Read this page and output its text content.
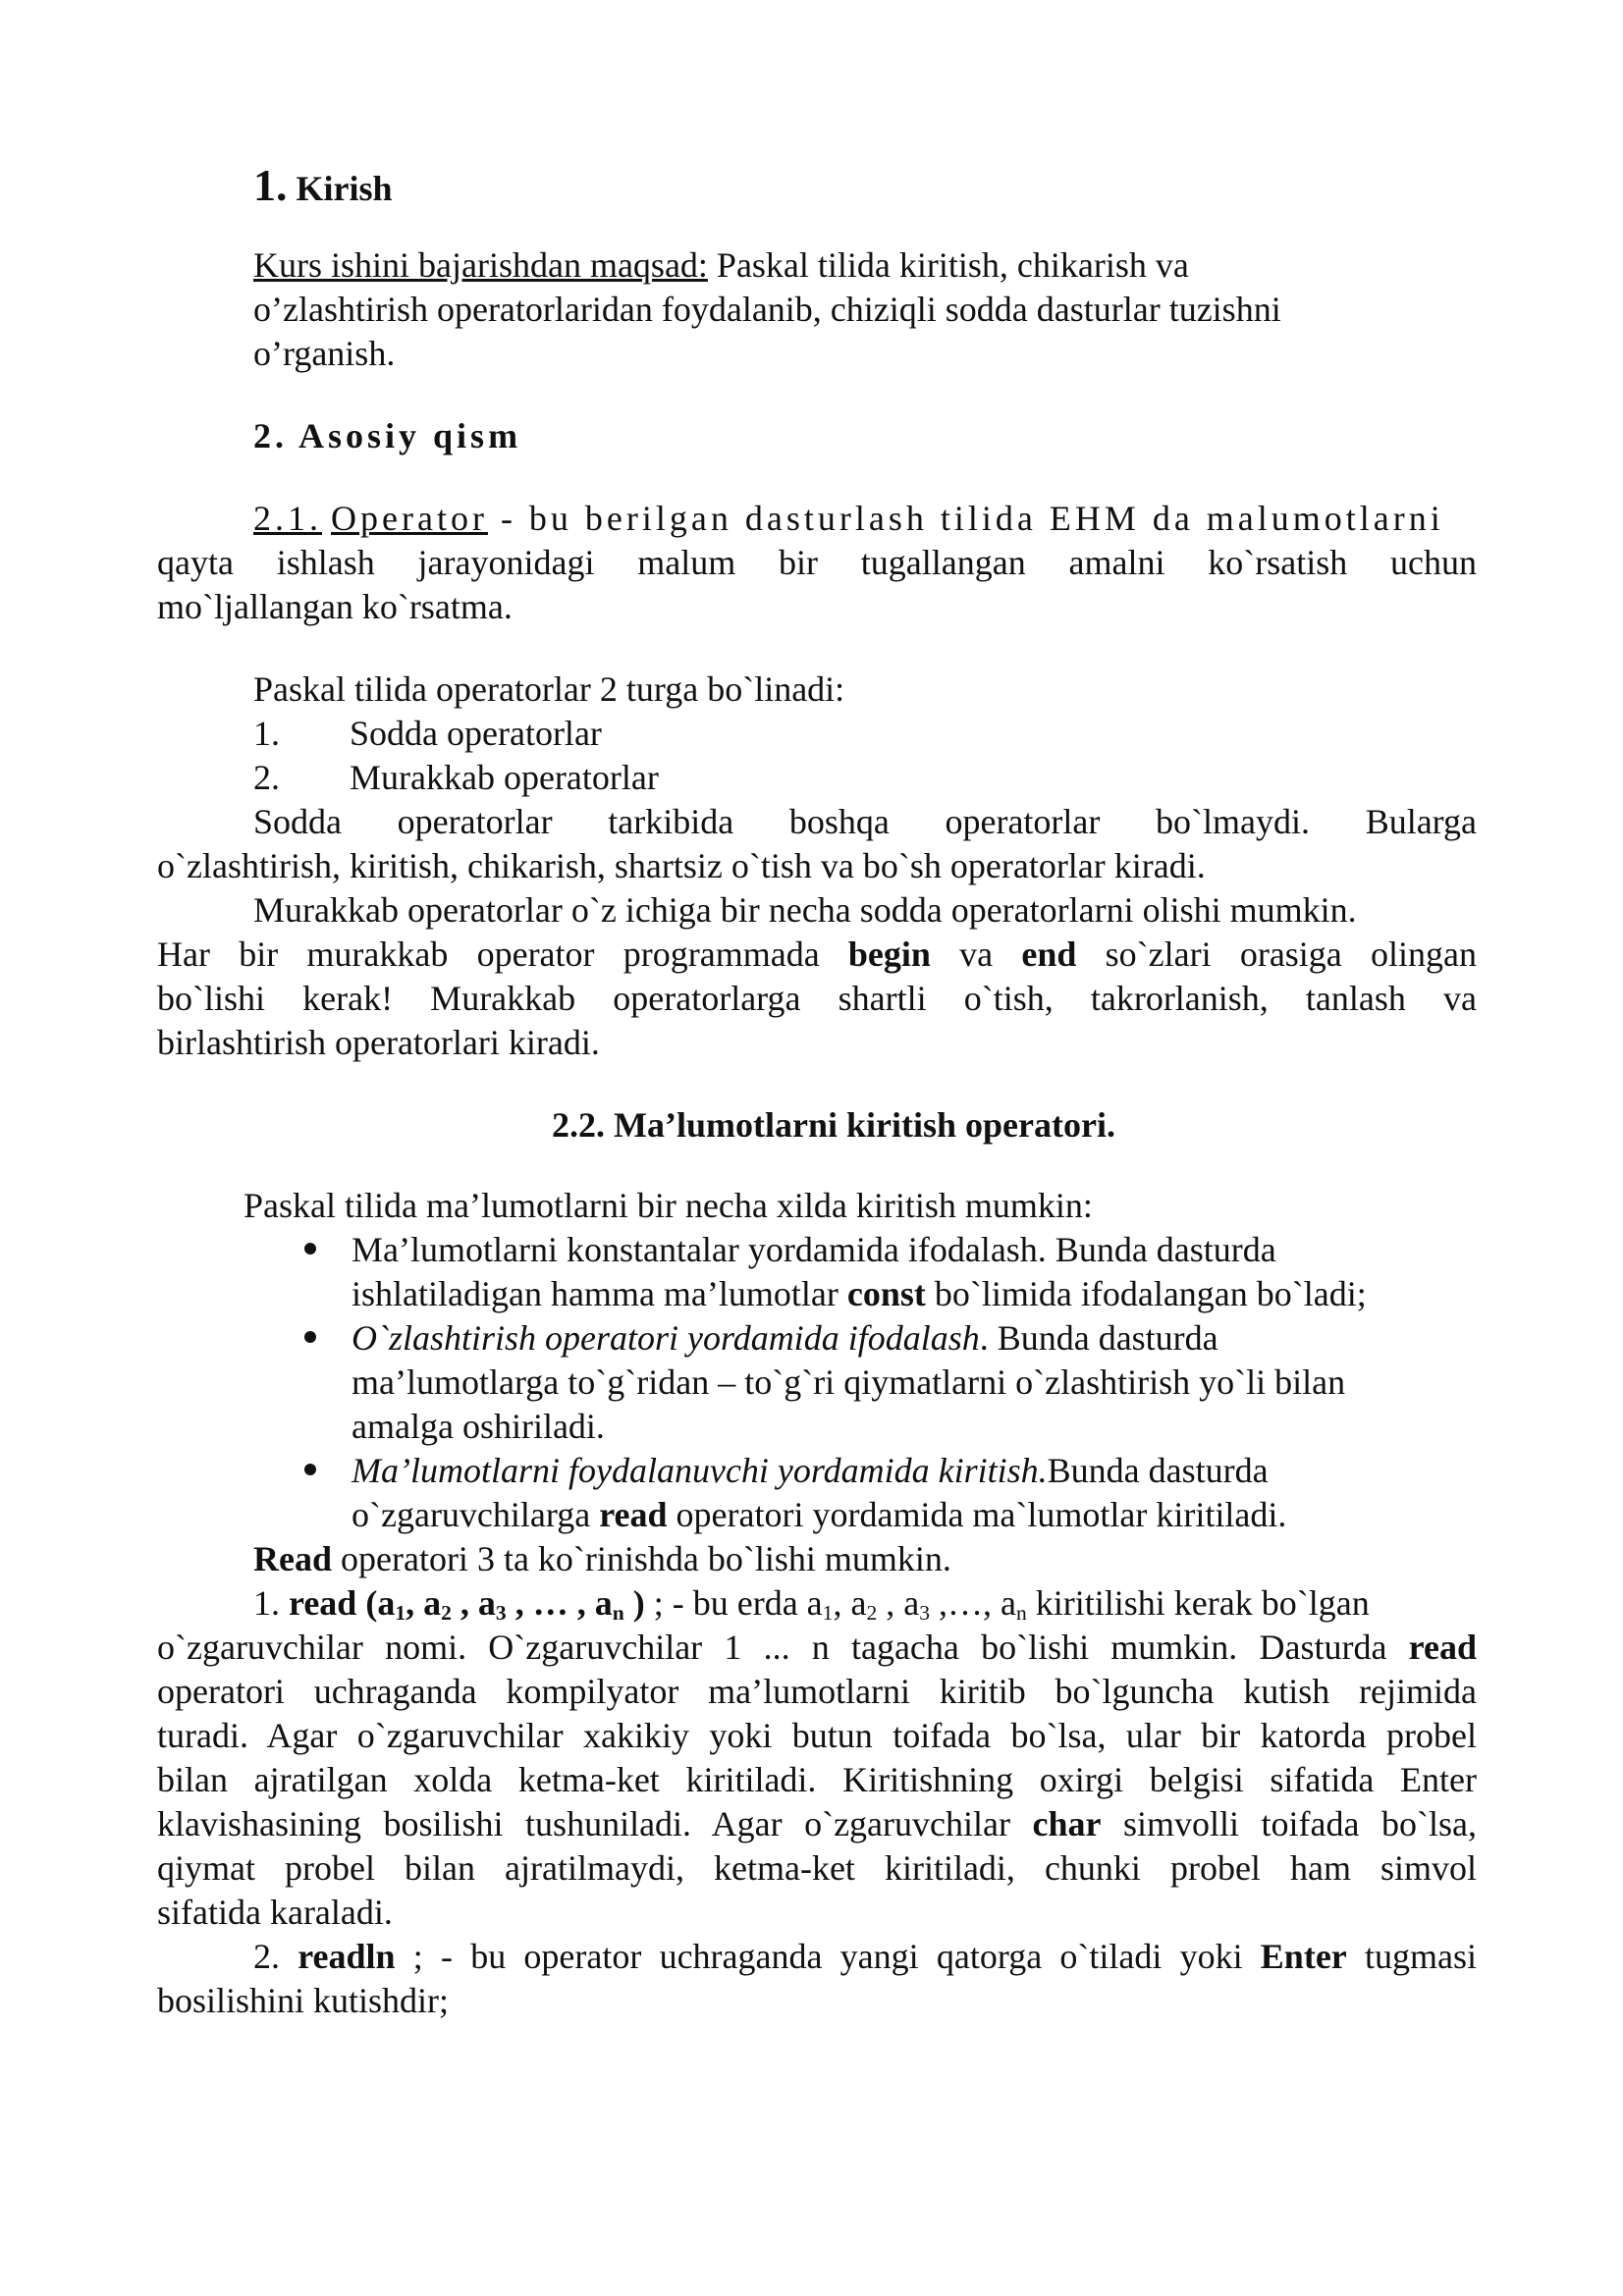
1. Kirish
Kurs ishini bajarishdan maqsad: Paskal tilida kiritish, chikarish va
o’zlashtirish operatorlaridan foydalanib, chiziqli sodda dasturlar tuzishni
o’rganish.
2. Asosiy qism
2.1. Operator - bu berilgan dasturlash tilida EHM da malumotlarni
qayta ishlash jarayonidagi malum bir tugallangan amalni ko`rsatish uchun
mo`ljallangan ko`rsatma.
Paskal tilida operatorlar 2 turga bo`linadi:
1. Sodda operatorlar
2. Murakkab operatorlar
Sodda operatorlar tarkibida boshqa operatorlar bo`lmaydi. Bularga
o`zlashtirish, kiritish, chikarish, shartsiz o`tish va bo`sh operatorlar kiradi.
Murakkab operatorlar o`z ichiga bir necha sodda operatorlarni olishi mumkin.
Har bir murakkab operator programmada begin va end so`zlari orasiga olingan
bo`lishi kerak! Murakkab operatorlarga shartli o`tish, takrorlanish, tanlash va
birlashtirish operatorlari kiradi.
2.2. Ma’lumotlarni kiritish operatori.
Paskal tilida ma’lumotlarni bir necha xilda kiritish mumkin:
Ma’lumotlarni konstantalar yordamida ifodalash. Bunda dasturda
ishlatiladigan hamma ma’lumotlar const bo`limida ifodalangan bo`ladi;
O`zlashtirish operatori yordamida ifodalash. Bunda dasturda
ma’lumotlarga to`g`ridan – to`g`ri qiymatlarni o`zlashtirish yo`li bilan
amalga oshiriladi.
Ma’lumotlarni foydalanuvchi yordamida kiritish.Bunda dasturda
o`zgaruvchilarga read operatori yordamida ma`lumotlar kiritiladi.
Read operatori 3 ta ko`rinishda bo`lishi mumkin.
1. read ($a_1$, $a_2$ , $a_3$ , … , $a_n$ ) ; - bu erda $a_1$, $a_2$ , $a_3$ ,…, $a_n$ kiritilishi kerak bo`lgan
o`zgaruvchilar nomi. O`zgaruvchilar 1 ... n tagacha bo`lishi mumkin. Dasturda read
operatori uchraganda kompilyator ma’lumotlarni kiritib bo`lguncha kutish rejimida
turadi. Agar o`zgaruvchilar xakikiy yoki butun toifada bo`lsa, ular bir katorda probel
bilan ajratilgan xolda ketma-ket kiritiladi. Kiritishning oxirgi belgisi sifatida Enter
klavishasining bosilishi tushuniladi. Agar o`zgaruvchilar char simvolli toifada bo`lsa,
qiymat probel bilan ajratilmaydi, ketma-ket kiritiladi, chunki probel ham simvol
sifatida karaladi.
2. readln ; - bu operator uchraganda yangi qatorga o`tiladi yoki Enter tugmasi
bosilishini kutishdir;
